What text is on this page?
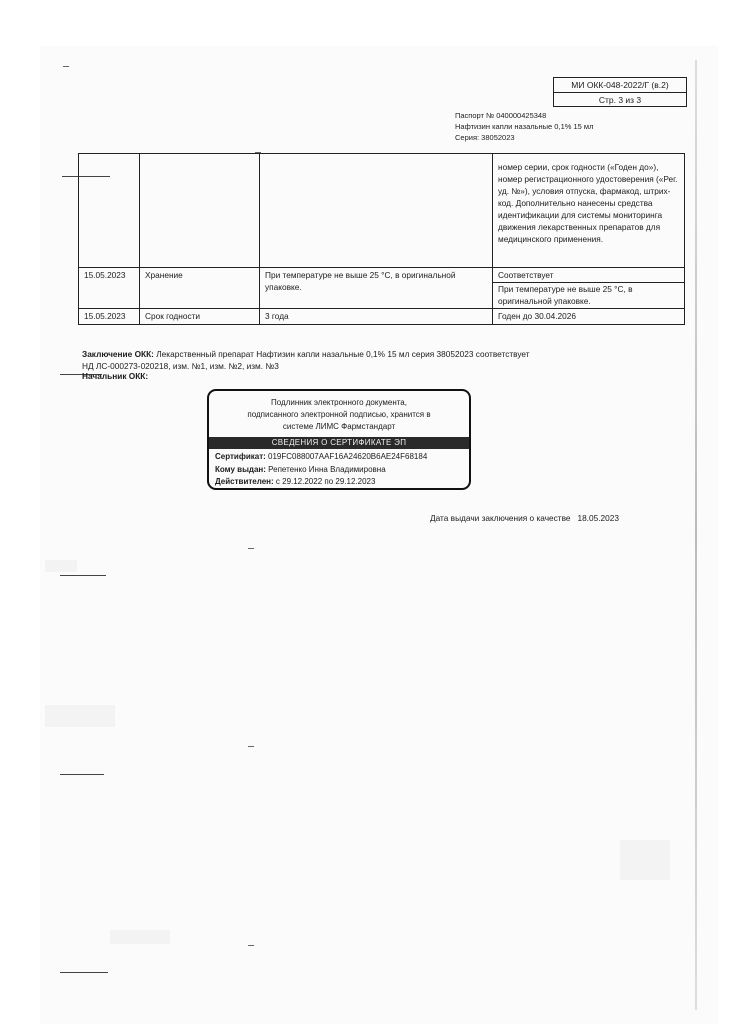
МИ ОКК-048-2022/Г (в.2)
Стр. 3 из 3
Паспорт № 040000425348
Нафтизин капли назальные 0,1% 15 мл
Серия: 38052023
			номер серии, срок годности («Годен до»), номер регистрационного удостоверения («Рег. уд. №»), условия отпуска, фармакод, штрих-код. Дополнительно нанесены средства идентификации для системы мониторинга движения лекарственных препаратов для медицинского применения.
15.05.2023	Хранение	При температуре не выше 25 °С, в оригинальной упаковке.	Соответствует
При температуре не выше 25 °С, в оригинальной упаковке.

15.05.2023	Срок годности	3 года	Годен до 30.04.2026
Заключение ОКК: Лекарственный препарат Нафтизин капли назальные 0,1% 15 мл серия 38052023 соответствует НД ЛС-000273-020218, изм. №1, изм. №2, изм. №3
Начальник ОКК:
Подлинник электронного документа,
подписанного электронной подписью, хранится в
системе ЛИМС Фармстандарт
СВЕДЕНИЯ О СЕРТИФИКАТЕ ЭП
Сертификат: 019FC088007AAF16A24620B6AE24F68184
Кому выдан: Репетенко Инна Владимировна
Действителен: с 29.12.2022 по 29.12.2023
Дата выдачи заключения о качестве   18.05.2023
